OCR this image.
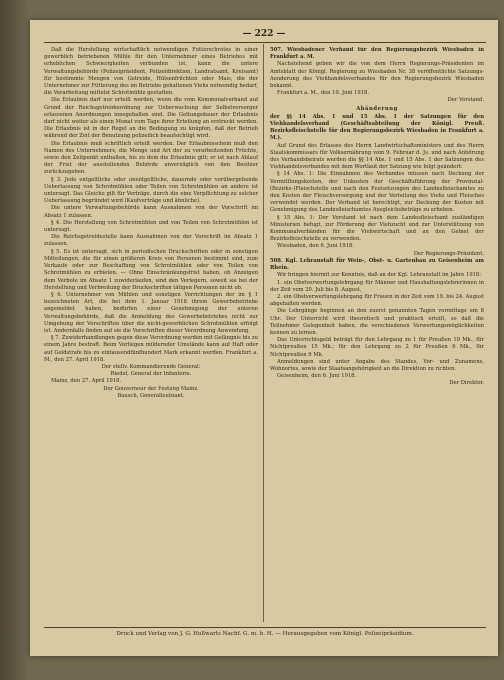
— 222 —

Daß die Herstellung wirtschaftlich notwendigen Futterschrotes in einer gewerblich betriebenen Mühle für den Unternehmer eines Betriebes mit erheblichen Schwierigkeiten verbunden ist, kann die untere Verwaltungsbehörde (Polizeipräsident, Polizeidirektion, Landratsamt, Kreisamt) für bestimmte Mengen von Getreide, Hülsenfrüchten oder Mais, die der Unternehmer zur Fütterung des im Betriebe gehaltenen Viehs notwendig bedarf, die Verarbeitung mittelst Schrotmühle gestatten.

Die Erlaubnis darf nur erteilt werden, wenn die vom Kommunalverband auf Grund der Reichsgetreideordnung zur Ueberwachung der Selbstversorger erlassenen Anordnungen innegehalten sind. Die Geltungsdauer der Erlaubnis darf nicht weiter als einen Monat vom Tage ihrer Erteilung an erstreckt werden. Die Erlaubnis ist in der Regel an die Bedingung zu knüpfen, daß der Betrieb während der Zeit der Benutzung polizeilich beaufsichtigt wird.

Die Erlaubnis muß schriftlich erteilt werden. Der Erlaubnisschein muß den Namen des Unternehmers, die Menge und Art der zu verarbeitenden Früchte, sowie den Zeitpunkt enthalten, bis zu dem die Erlaubnis gilt; er ist nach Ablauf der Frist der ausstellenden Behörde unverzüglich von den Besitzer zurückzugeben.

§ 3. Jede entgeltliche oder unentgeltliche, dauernde oder vorübergehende Ueberlassung von Schrotmühlen oder Teilen von Schrotmühlen an andere ist untersagt. Das Gleiche gilt für Verträge, durch die eine Verpflichtung zu solcher Ueberlassung begründet wird (Kaufverträge und ähnliche).

Die untere Verwaltungsbehörde kann Ausnahmen von der Vorschrift im Absatz 1 zulassen.

§ 4. Die Herstellung von Schrotmühlen und von Teilen von Schrotmühlen ist untersagt.

Die Reichsgetreidestelle kann Ausnahmen von der Vorschrift im Absatz 1 zulassen.

§ 5. Es ist untersagt, sich in periodischen Druckschriften oder in sonstigen Mitteilungen, die für einen größeren Kreis von Personen bestimmt sind, zum Verkaufe oder zur Beschaffung von Schrotmühlen oder von Teilen von Schrotmühlen zu erbieten. — Ohne Einschränkungsfrist haben, ob Anzeigen dem Verbote im Absatz 1 zuwiderlaufen, sind den Verlegern, soweit sie bei der Herstellung und Verbreitung der Druckschriften tätigen Personen nicht ob.

§ 6. Unternehmer von Mühlen und sonstigen Vorrichtungen der im § 1 bezeichneten Art, die bei dem 1. Januar 1918 ihrem Gewerbebetriebe angemeldet haben, bedürfen einer Genehmigung der unteren Verwaltungsbehörde, daß die Anmeldung des Gewerbebetriebes nicht zur Umgehung der Vorschriften über die nicht-gewerblichen Schrotmühlen erfolgt ist. Andernfalls finden auf sie die Vorschriften dieser Verordnung Anwendung.

§ 7. Zuwiderhandlungen gegen diese Verordnung werden mit Gefängnis bis zu einem Jahre bestraft. Beim Vorliegen mildernder Umstände kann auf Haft oder auf Geldstrafe bis zu eintausendfünfhundert Mark erkannt werden. Frankfurt a. M., den 27. April 1918.

Der stellv. Kommandierende General:

Riedel, General der Infanterie.

Mainz, den 27. April 1918.

Der Gouverneur der Festung Mainz.

Bausch, Generalleutnant.

507. Wiesbadener Verband für den Regierungsbezirk Wiesbaden in Frankfurt a. M.

Nachstehend geben wir die von dem Herrn Regierungs-Präsidenten im Amtsblatt der Königl. Regierung zu Wiesbaden Nr. 38 veröffentlichte Satzungs-Aenderung des Viehhandelsverbandes für den Regierungsbezirk Wiesbaden bekannt.

Frankfurt a. M., den 10. Juni 1918.

Der Vorstand.

Abänderung

der §§ 14 Abs. 1 und 15 Abs. 1 der Satzungen für den Viehhandelsverband (Geschäftsabteilung der Königl. Preuß. Bezirksfleischstelle für den Regierungsbezirk Wiesbaden in Frankfurt a. M.).

Auf Grund des Erlasses des Herrn Landwirtschaftsministers und des Herrn Staatskommissars für Volksernährung vom 9. Februar d. Js. und nach Anhörung des Verbandsbeirats werden die §§ 14 Abs. 1 und 15 Abs. 1 der Satzungen des Viehhandelsverbandes mit dem Wortlaut der Satzung wie folgt geändert:

§ 14 Abs. 1: Die Einnahmen des Verbandes müssen nach Deckung der Vermittlungskosten, der Unkosten der Geschäftsführung der Provinzial-(Bezirks-)Fleischstelle und nach den Festsetzungen des Landesfleischamtes zu den Kosten der Fleischversorgung und der Verteilung des Viehs und Fleisches verwendet werden. Der Verband ist berechtigt, zur Deckung der Kosten mit Genehmigung des Landesfleischamtes Ausgleichsbeträge zu erheben.

§ 15 Abs. 1: Der Vorstand ist nach dem Landesfleischamt zuständigen Ministerien befugt, zur Förderung der Viehzucht und zur Unterstützung von Kommunalverbänden für die Viehwirtschaft und an den Gebiet der Bezirksfleischstelle zu verwenden.

Wiesbaden, den 6. Juni 1918.

Der Regierungs-Präsident.

508. Kgl. Lehranstalt für Wein-, Obst- u. Gartenbau zu Geisenheim am Rhein.

Wir bringen hiermit zur Kenntnis, daß an der Kgl. Lehranstalt im Jahre 1918:

1. ein Obstverwertungslehrgang für Männer und Haushaltungslehrerinnen in der Zeit vom 20. Juli bis 8. August,

2. ein Obstverwertungslehrgang für Frauen in der Zeit vom 19. bis 24. August abgehalten werden.

Die Lehrgänge beginnen an den zuerst genannten Tagen vormittags um 8 Uhr. Der Unterricht wird theoretisch und praktisch erteilt, so daß die Teilnehmer Gelegenheit haben, die verschiedenen Verwertungsmöglichkeiten kennen zu lernen.

Das Unterrichtsgeld beträgt für den Lehrgang zu 1 für Preußen 10 Mk., für Nichtpreußen 15 Mk.; für den Lehrgang zu 2 für Preußen 6 Mk., für Nichtpreußen 9 Mk.

Anmeldungen sind unter Angabe des Standes, Vor- und Zunamens, Wohnortes, sowie der Staatsangehörigkeit an die Direktion zu richten.

Geisenheim, den 6. Juni 1918.

Der Direktor.

Druck und Verlag von J. G. Hollwarts Nachf. G. m. b. H. — Herausgegeben vom Königl. Polizeipräsidium.
